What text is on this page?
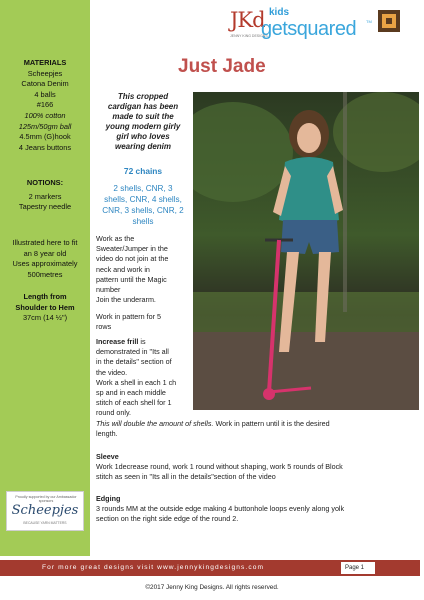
MATERIALS
Scheepjes
Catona Denim
4 balls
#166
100% cotton
125m/50gm ball
4.5mm (G)hook
4 Jeans buttons
NOTIONS:
2 markers
Tapestry needle
Illustrated here to fit
an 8 year old
Uses approximately
500metres
Length from
Shoulder to Hem
37cm (14 ½")
Proudly supported by our Ambassador sponsors
Scheepjes
BECAUSE YARN MATTERS
JKd
JENNY KING DESIGNS
kids
getsquared TM
Just Jade
This cropped
cardigan has been
made to suit the
young modern girly
girl who loves
wearing denim
72 chains
2 shells, CNR, 3
shells, CNR, 4 shells,
CNR, 3 shells, CNR, 2
shells
Work as the
Sweater/Jumper in the
video do not join at the
neck and work in
pattern until the Magic
number
Join the underarm.
Work in pattern for 5
rows
Increase frill is
demonstrated in "Its all
in the details" section of
the video.
Work a shell in each 1 ch
sp and in each middle
stitch of each shell for 1
round only.
This will double the amount of shells. Work in pattern until it is the desired
length.
Sleeve
Work 1decrease round, work 1 round without shaping, work 5 rounds of Block
stitch as seen in "Its all in the details"section of the video
Edging
3 rounds MM at the outside edge making 4 buttonhole loops evenly along yolk
section on the right side edge of the round 2.
For more great designs visit www.jennykingdesigns.com	Page 1
©2017 Jenny King Designs. All rights reserved.
